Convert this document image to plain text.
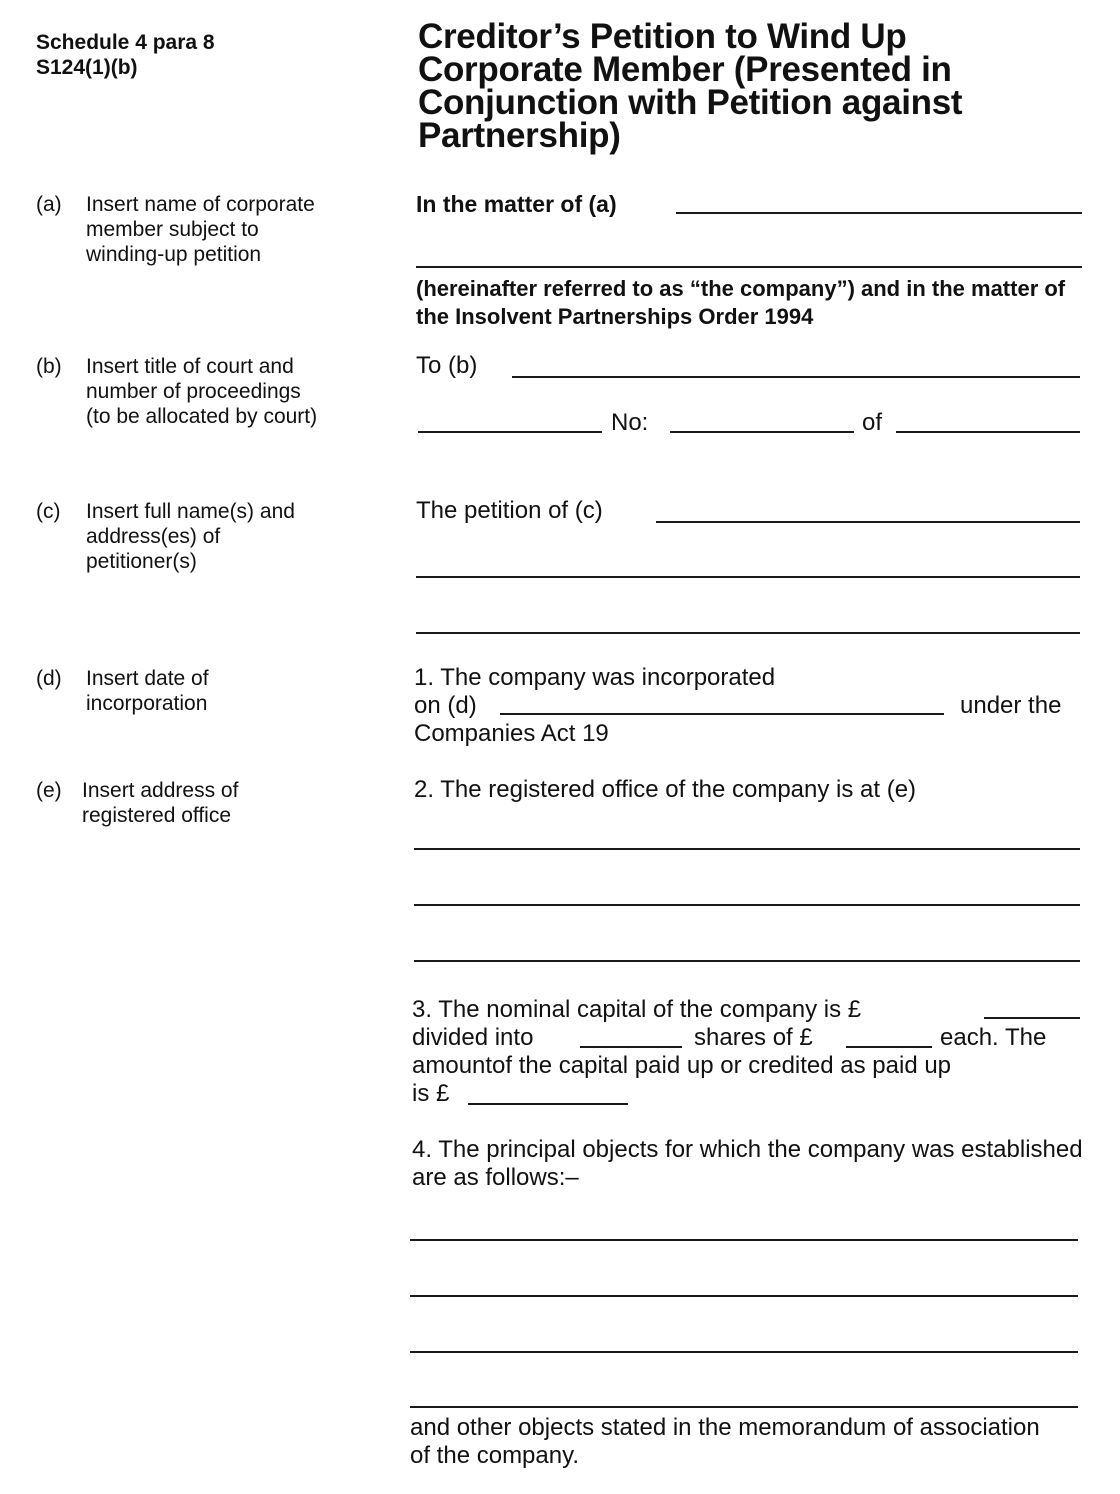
Schedule 4 para 8
S124(1)(b)
Creditor’s Petition to Wind Up Corporate Member (Presented in Conjunction with Petition against Partnership)
(a) Insert name of corporate member subject to winding-up petition
(b) Insert title of court and number of proceedings (to be allocated by court)
(c) Insert full name(s) and address(es) of petitioner(s)
(d) Insert date of incorporation
(e) Insert address of registered office
In the matter of (a)
(hereinafter referred to as “the company”) and in the matter of the Insolvent Partnerships Order 1994
To (b)
No:	of
The petition of (c)
1. The company was incorporated
on (d)	under the
Companies Act 19
2. The registered office of the company is at (e)
3. The nominal capital of the company is £
divided into	shares of £	each. The
amountof the capital paid up or credited as paid up
is £
4. The principal objects for which the company was established are as follows:–
and other objects stated in the memorandum of association of the company.
